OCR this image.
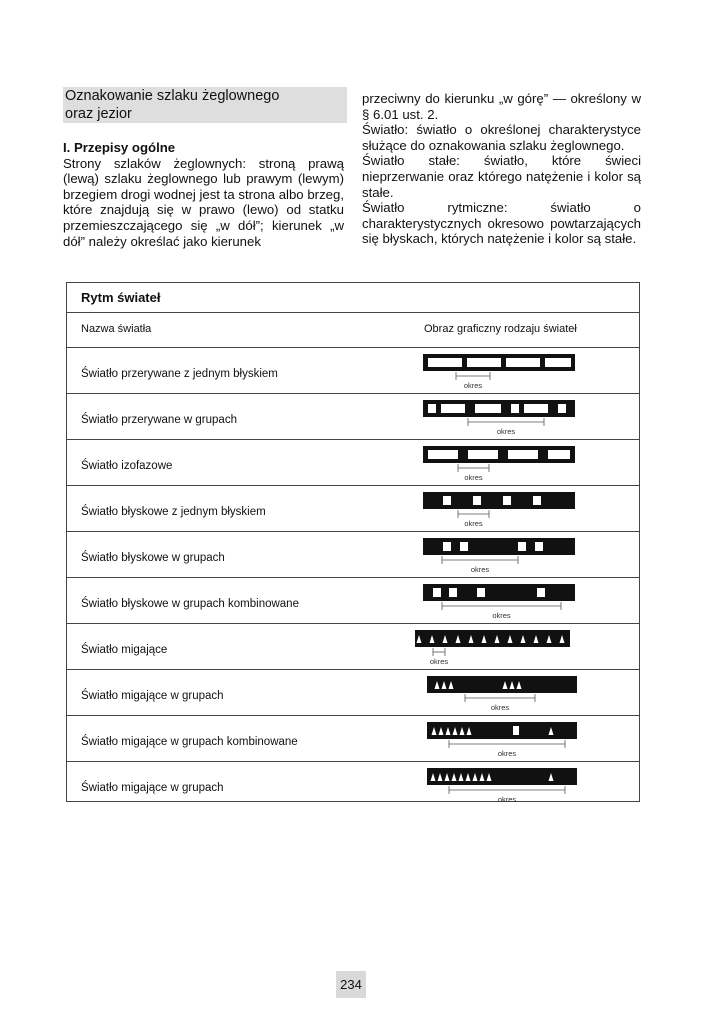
Oznakowanie szlaku żeglownego
oraz jezior

I. Przepisy ogólne

Strony szlaków żeglownych: stroną prawą (lewą) szlaku żeglownego lub prawym (lewym) brzegiem drogi wodnej jest ta strona albo brzeg, które znajdują się w prawo (lewo) od statku przemieszczającego się „w dół”; kierunek „w dół” należy określać jako kierunek

przeciwny do kierunku „w górę” — określony w § 6.01 ust. 2.

Światło: światło o określonej charakterystyce służące do oznakowania szlaku żeglownego.

Światło stałe: światło, które świeci nieprzerwanie oraz którego natężenie i kolor są stałe.

Światło rytmiczne: światło o charakterystycznych okresowo powtarzających się błyskach, których natężenie i kolor są stałe.

Rytm świateł
Nazwa światła	Obraz graficzny rodzaju świateł
Światło przerywane z jednym błyskiem
okres
Światło przerywane w grupach
okres
Światło izofazowe
okres
Światło błyskowe z jednym błyskiem
okres
Światło błyskowe w grupach
okres
Światło błyskowe w grupach kombinowane
okres
Światło migające
okres
Światło migające w grupach
okres
Światło migające w grupach kombinowane
okres
Światło migające w grupach
okres
234
